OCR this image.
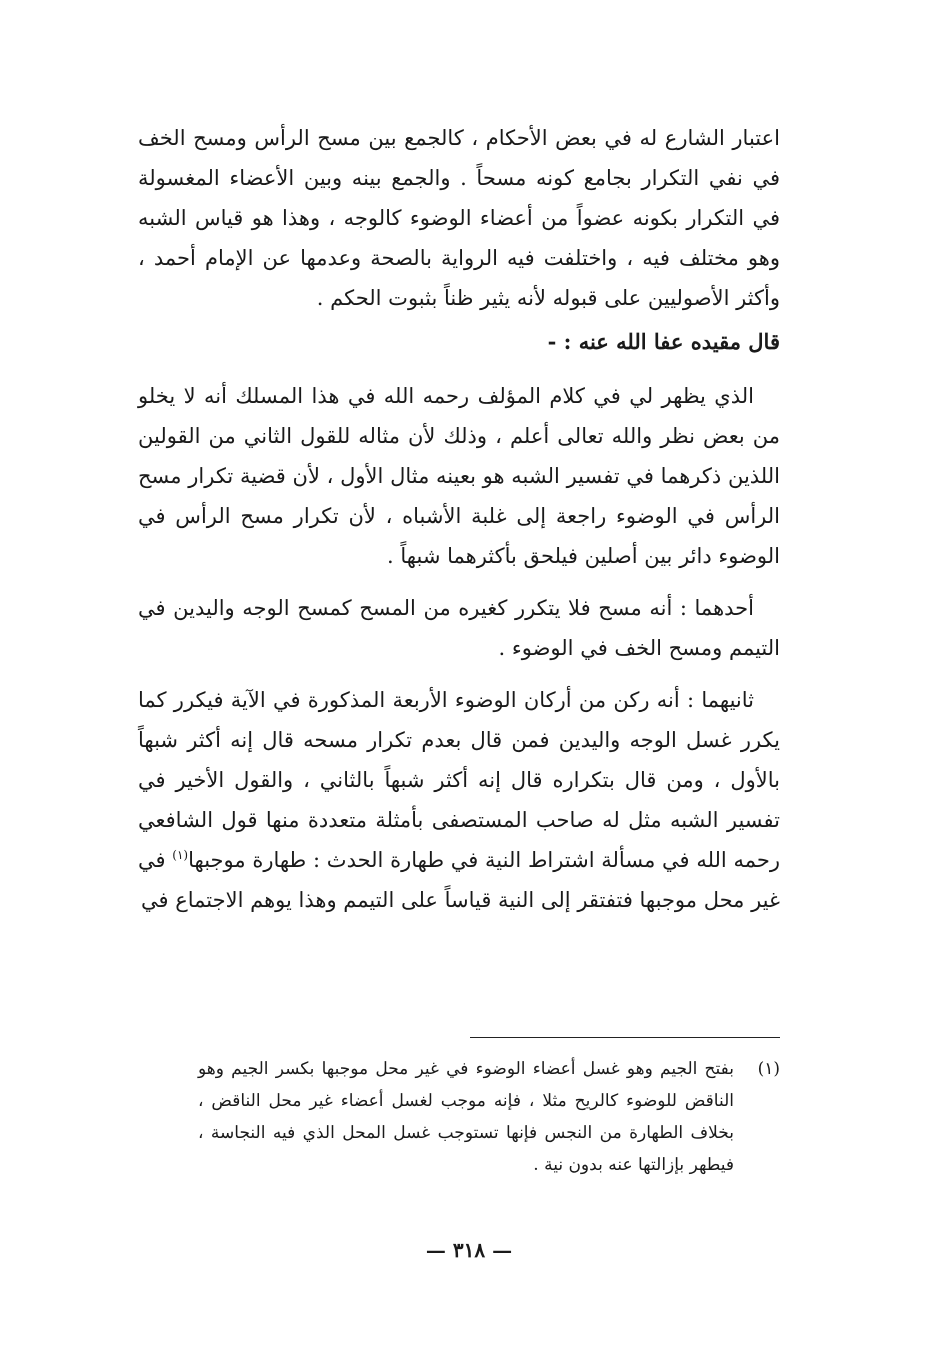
اعتبار الشارع له في بعض الأحكام ، كالجمع بين مسح الرأس ومسح الخف في نفي التكرار بجامع كونه مسحاً . والجمع بينه وبين الأعضاء المغسولة في التكرار بكونه عضواً من أعضاء الوضوء كالوجه ، وهذا هو قياس الشبه وهو مختلف فيه ، واختلفت فيه الرواية بالصحة وعدمها عن الإمام أحمد ، وأكثر الأصوليين على قبوله لأنه يثير ظناً بثبوت الحكم .

قال مقيده عفا الله عنه : -

الذي يظهر لي في كلام المؤلف رحمه الله في هذا المسلك أنه لا يخلو من بعض نظر والله تعالى أعلم ، وذلك لأن مثاله للقول الثاني من القولين اللذين ذكرهما في تفسير الشبه هو بعينه مثال الأول ، لأن قضية تكرار مسح الرأس في الوضوء راجعة إلى غلبة الأشباه ، لأن تكرار مسح الرأس في الوضوء دائر بين أصلين فيلحق بأكثرهما شبهاً .

أحدهما : أنه مسح فلا يتكرر كغيره من المسح كمسح الوجه واليدين في التيمم ومسح الخف في الوضوء .

ثانيهما : أنه ركن من أركان الوضوء الأربعة المذكورة في الآية فيكرر كما يكرر غسل الوجه واليدين فمن قال بعدم تكرار مسحه قال إنه أكثر شبهاً بالأول ، ومن قال بتكراره قال إنه أكثر شبهاً بالثاني ، والقول الأخير في تفسير الشبه مثل له صاحب المستصفى بأمثلة متعددة منها قول الشافعي رحمه الله في مسألة اشتراط النية في طهارة الحدث : طهارة موجبها$^{(١)}$ في غير محل موجبها فتفتقر إلى النية قياساً على التيمم وهذا يوهم الاجتماع في

(١)
بفتح الجيم وهو غسل أعضاء الوضوء في غير محل موجبها بكسر الجيم وهو الناقض للوضوء كالريح مثلا ، فإنه موجب لغسل أعضاء غير محل الناقض ، بخلاف الطهارة من النجس فإنها تستوجب غسل المحل الذي فيه النجاسة ، فيطهر بإزالتها عنه بدون نية .
— ٣١٨ —
